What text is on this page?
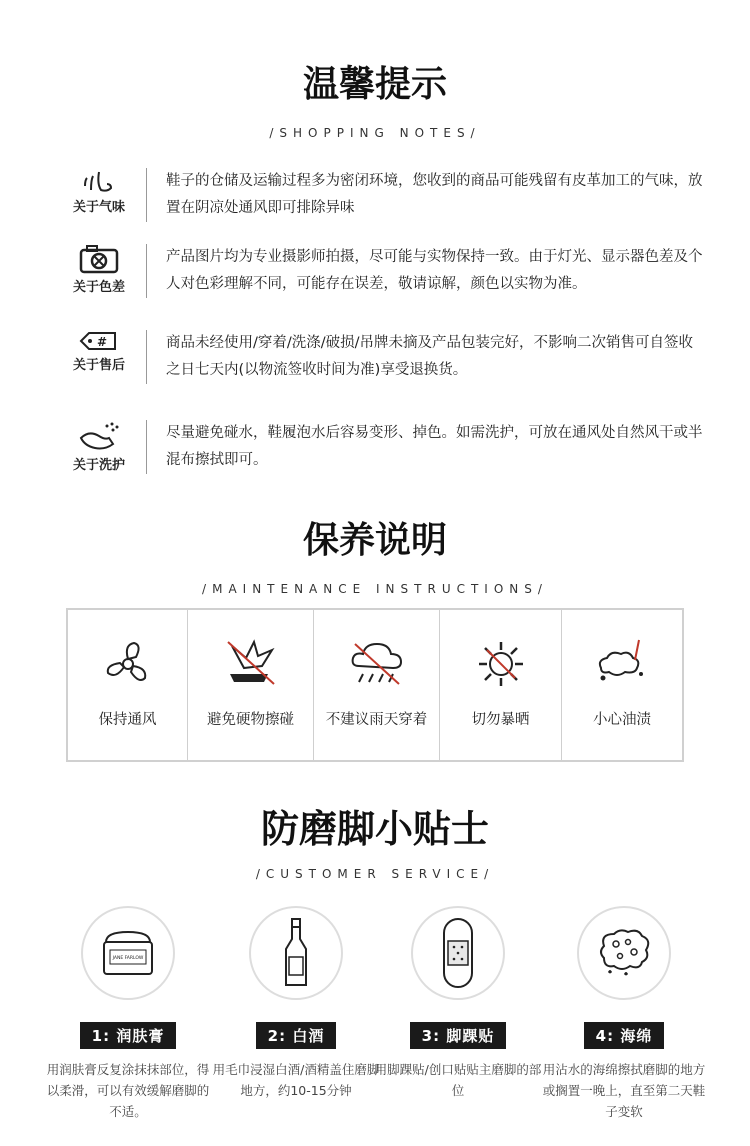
温馨提示
/SHOPPING NOTES/
关于气味
鞋子的仓储及运输过程多为密闭环境，您收到的商品可能残留有皮革加工的气味，放置在阴凉处通风即可排除异味
关于色差
产品图片均为专业摄影师拍摄，尽可能与实物保持一致。由于灯光、显示器色差及个人对色彩理解不同，可能存在误差，敬请谅解，颜色以实物为准。
#
关于售后
商品未经使用/穿着/洗涤/破损/吊牌未摘及产品包装完好，不影响二次销售可自签收之日七天内(以物流签收时间为准)享受退换货。
关于洗护
尽量避免碰水，鞋履泡水后容易变形、掉色。如需洗护，可放在通风处自然风干或半混布擦拭即可。
保养说明
/MAINTENANCE INSTRUCTIONS/
保持通风	避免硬物擦碰	不建议雨天穿着	切勿暴晒	小心油渍
防磨脚小贴士
/CUSTOMER SERVICE/
JANE FARLOW
1: 润肤膏
用润肤膏反复涂抹抹部位，得以柔滑，可以有效缓解磨脚的不适。
2: 白酒
用毛巾浸湿白酒/酒精盖住磨脚地方，约10-15分钟
3: 脚踝贴
用脚踝贴/创口贴贴主磨脚的部位
4: 海绵
用沾水的海绵擦拭磨脚的地方或搁置一晚上，直至第二天鞋子变软
